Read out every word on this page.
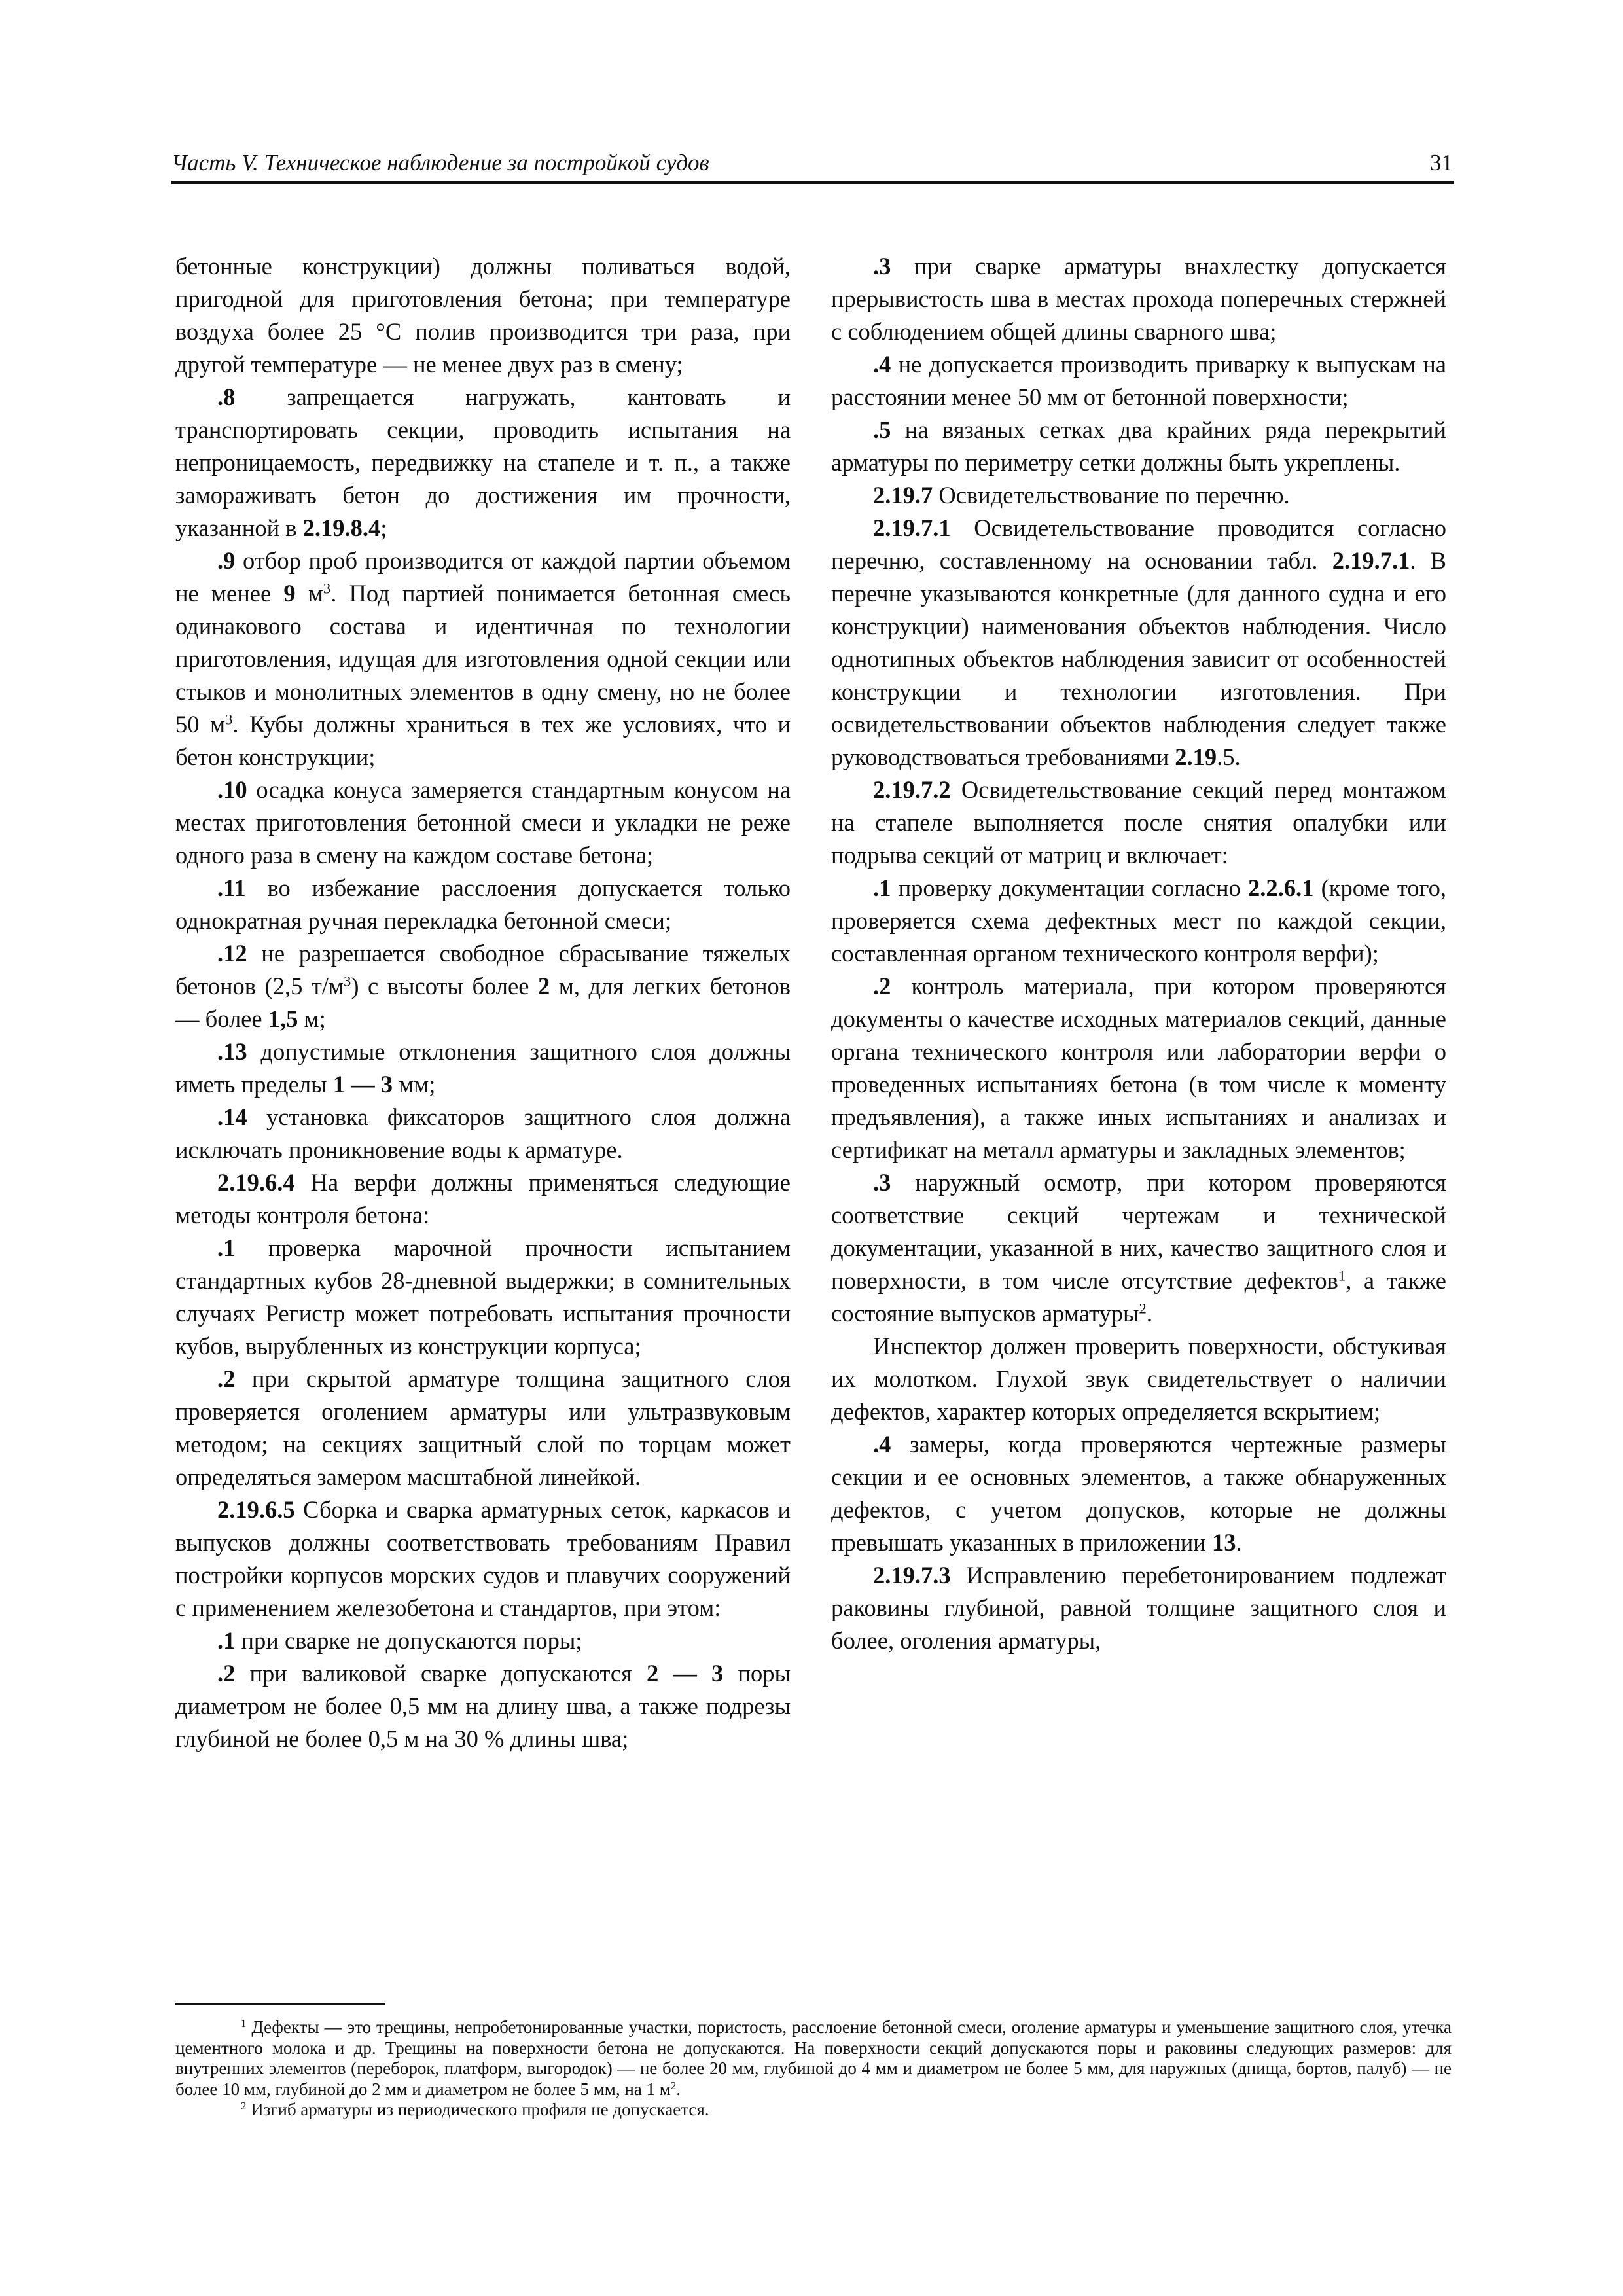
Часть V. Техническое наблюдение за постройкой судов	31

бетонные конструкции) должны поливаться водой, пригодной для приготовления бетона; при температуре воздуха более 25 °С полив производится три раза, при другой температуре — не менее двух раз в смену;

.8 запрещается нагружать, кантовать и транспортировать секции, проводить испытания на непроницаемость, передвижку на стапеле и т. п., а также замораживать бетон до достижения им прочности, указанной в 2.19.8.4;

.9 отбор проб производится от каждой партии объемом не менее 9 $м^3$. Под партией понимается бетонная смесь одинакового состава и идентичная по технологии приготовления, идущая для изготовления одной секции или стыков и монолитных элементов в одну смену, но не более 50 $м^3$. Кубы должны храниться в тех же условиях, что и бетон конструкции;

.10 осадка конуса замеряется стандартным конусом на местах приготовления бетонной смеси и укладки не реже одного раза в смену на каждом составе бетона;

.11 во избежание расслоения допускается только однократная ручная перекладка бетонной смеси;

.12 не разрешается свободное сбрасывание тяжелых бетонов (2,5 $т/м^3$) с высоты более 2 м, для легких бетонов — более 1,5 м;

.13 допустимые отклонения защитного слоя должны иметь пределы 1 — 3 мм;

.14 установка фиксаторов защитного слоя должна исключать проникновение воды к арматуре.

2.19.6.4 На верфи должны применяться следующие методы контроля бетона:

.1 проверка марочной прочности испытанием стандартных кубов 28-дневной выдержки; в сомнительных случаях Регистр может потребовать испытания прочности кубов, вырубленных из конструкции корпуса;

.2 при скрытой арматуре толщина защитного слоя проверяется оголением арматуры или ультразвуковым методом; на секциях защитный слой по торцам может определяться замером масштабной линейкой.

2.19.6.5 Сборка и сварка арматурных сеток, каркасов и выпусков должны соответствовать требованиям Правил постройки корпусов морских судов и плавучих сооружений с применением железобетона и стандартов, при этом:

.1 при сварке не допускаются поры;

.2 при валиковой сварке допускаются 2 — 3 поры диаметром не более 0,5 мм на длину шва, а также подрезы глубиной не более 0,5 м на 30 % длины шва;

.3 при сварке арматуры внахлестку допускается прерывистость шва в местах прохода поперечных стержней с соблюдением общей длины сварного шва;

.4 не допускается производить приварку к выпускам на расстоянии менее 50 мм от бетонной поверхности;

.5 на вязаных сетках два крайних ряда перекрытий арматуры по периметру сетки должны быть укреплены.

2.19.7 Освидетельствование по перечню.

2.19.7.1 Освидетельствование проводится согласно перечню, составленному на основании табл. 2.19.7.1. В перечне указываются конкретные (для данного судна и его конструкции) наименования объектов наблюдения. Число однотипных объектов наблюдения зависит от особенностей конструкции и технологии изготовления. При освидетельствовании объектов наблюдения следует также руководствоваться требованиями 2.19.5.

2.19.7.2 Освидетельствование секций перед монтажом на стапеле выполняется после снятия опалубки или подрыва секций от матриц и включает:

.1 проверку документации согласно 2.2.6.1 (кроме того, проверяется схема дефектных мест по каждой секции, составленная органом технического контроля верфи);

.2 контроль материала, при котором проверяются документы о качестве исходных материалов секций, данные органа технического контроля или лаборатории верфи о проведенных испытаниях бетона (в том числе к моменту предъявления), а также иных испытаниях и анализах и сертификат на металл арматуры и закладных элементов;

.3 наружный осмотр, при котором проверяются соответствие секций чертежам и технической документации, указанной в них, качество защитного слоя и поверхности, в том числе отсутствие дефектов$^1$, а также состояние выпусков арматуры$^2$.

Инспектор должен проверить поверхности, обстукивая их молотком. Глухой звук свидетельствует о наличии дефектов, характер которых определяется вскрытием;

.4 замеры, когда проверяются чертежные размеры секции и ее основных элементов, а также обнаруженных дефектов, с учетом допусков, которые не должны превышать указанных в приложении 13.

2.19.7.3 Исправлению перебетонированием подлежат раковины глубиной, равной толщине защитного слоя и более, оголения арматуры,

$^1$ Дефекты — это трещины, непробетонированные участки, пористость, расслоение бетонной смеси, оголение арматуры и уменьшение защитного слоя, утечка цементного молока и др. Трещины на поверхности бетона не допускаются. На поверхности секций допускаются поры и раковины следующих размеров: для внутренних элементов (переборок, платформ, выгородок) — не более 20 мм, глубиной до 4 мм и диаметром не более 5 мм, для наружных (днища, бортов, палуб) — не более 10 мм, глубиной до 2 мм и диаметром не более 5 мм, на 1 $м^2$.

$^2$ Изгиб арматуры из периодического профиля не допускается.
